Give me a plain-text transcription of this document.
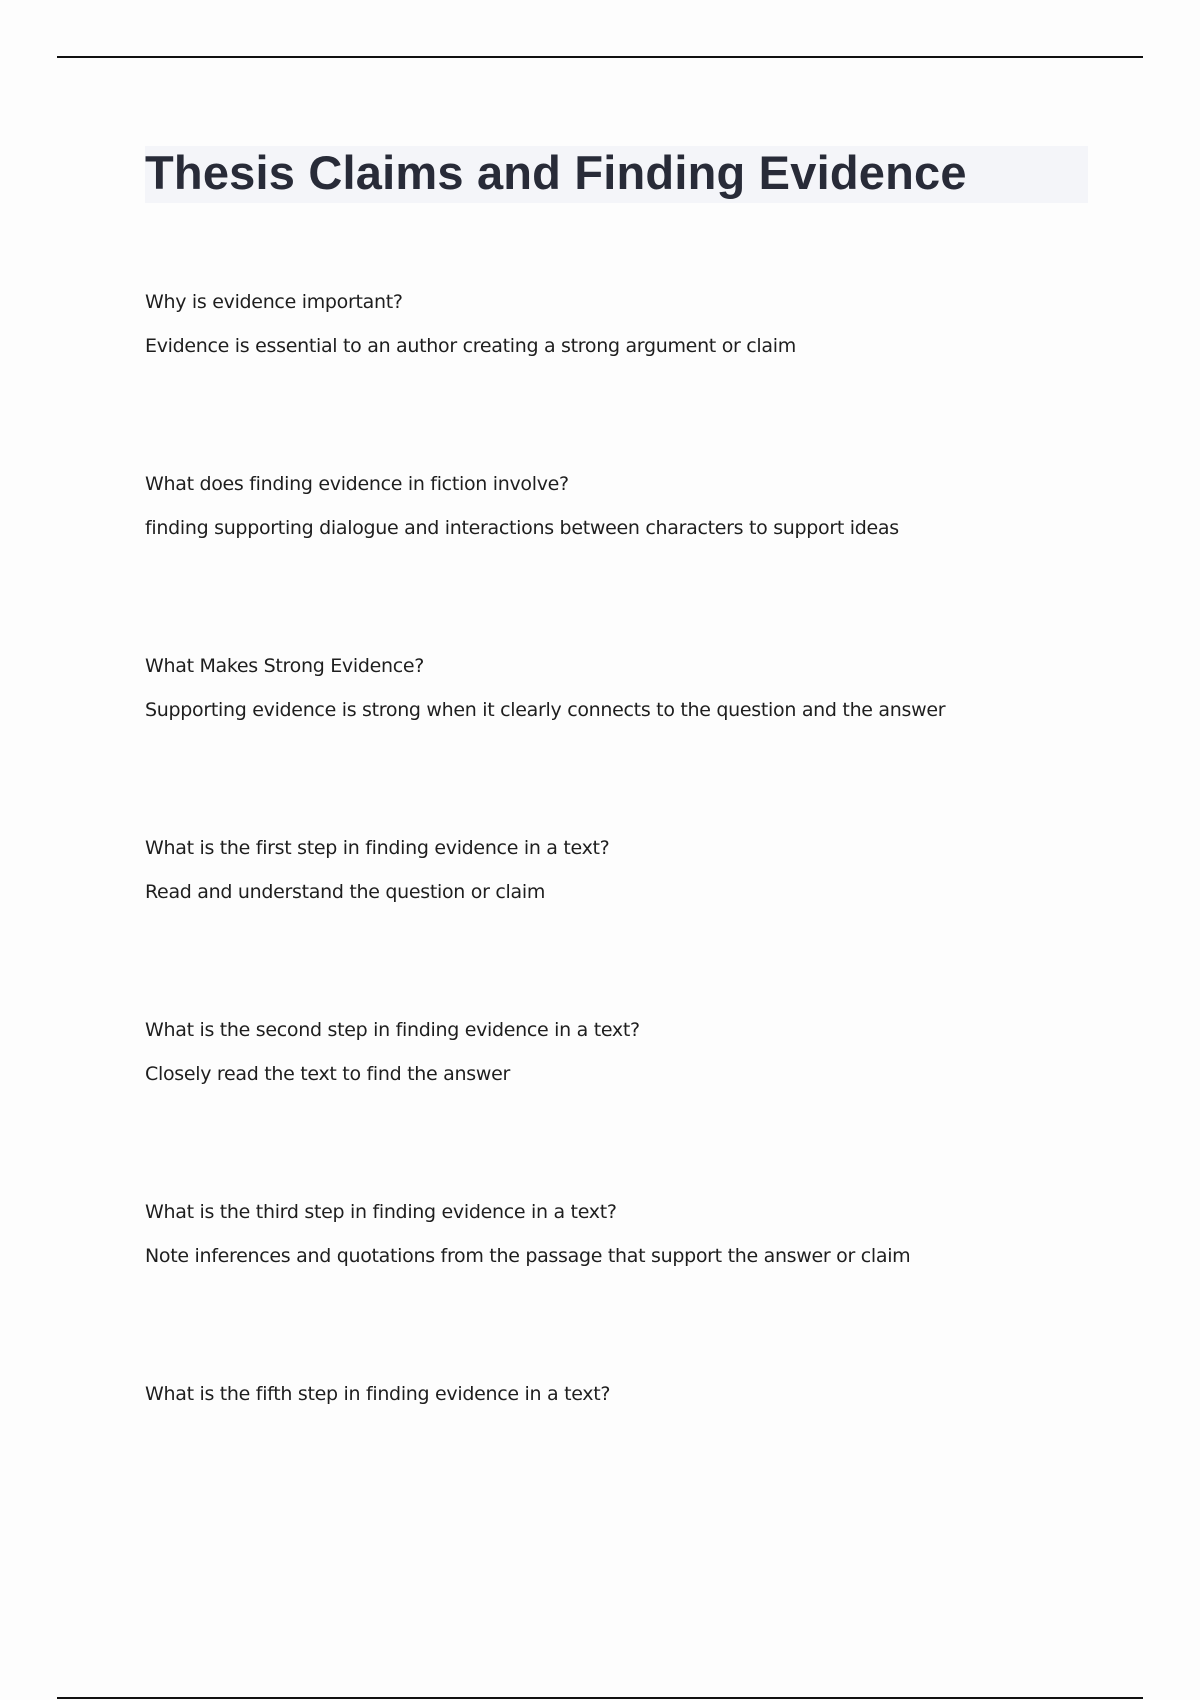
Thesis Claims and Finding Evidence

Why is evidence important?

Evidence is essential to an author creating a strong argument or claim

What does finding evidence in fiction involve?

finding supporting dialogue and interactions between characters to support ideas

What Makes Strong Evidence?

Supporting evidence is strong when it clearly connects to the question and the answer

What is the first step in finding evidence in a text?

Read and understand the question or claim

What is the second step in finding evidence in a text?

Closely read the text to find the answer

What is the third step in finding evidence in a text?

Note inferences and quotations from the passage that support the answer or claim

What is the fifth step in finding evidence in a text?
